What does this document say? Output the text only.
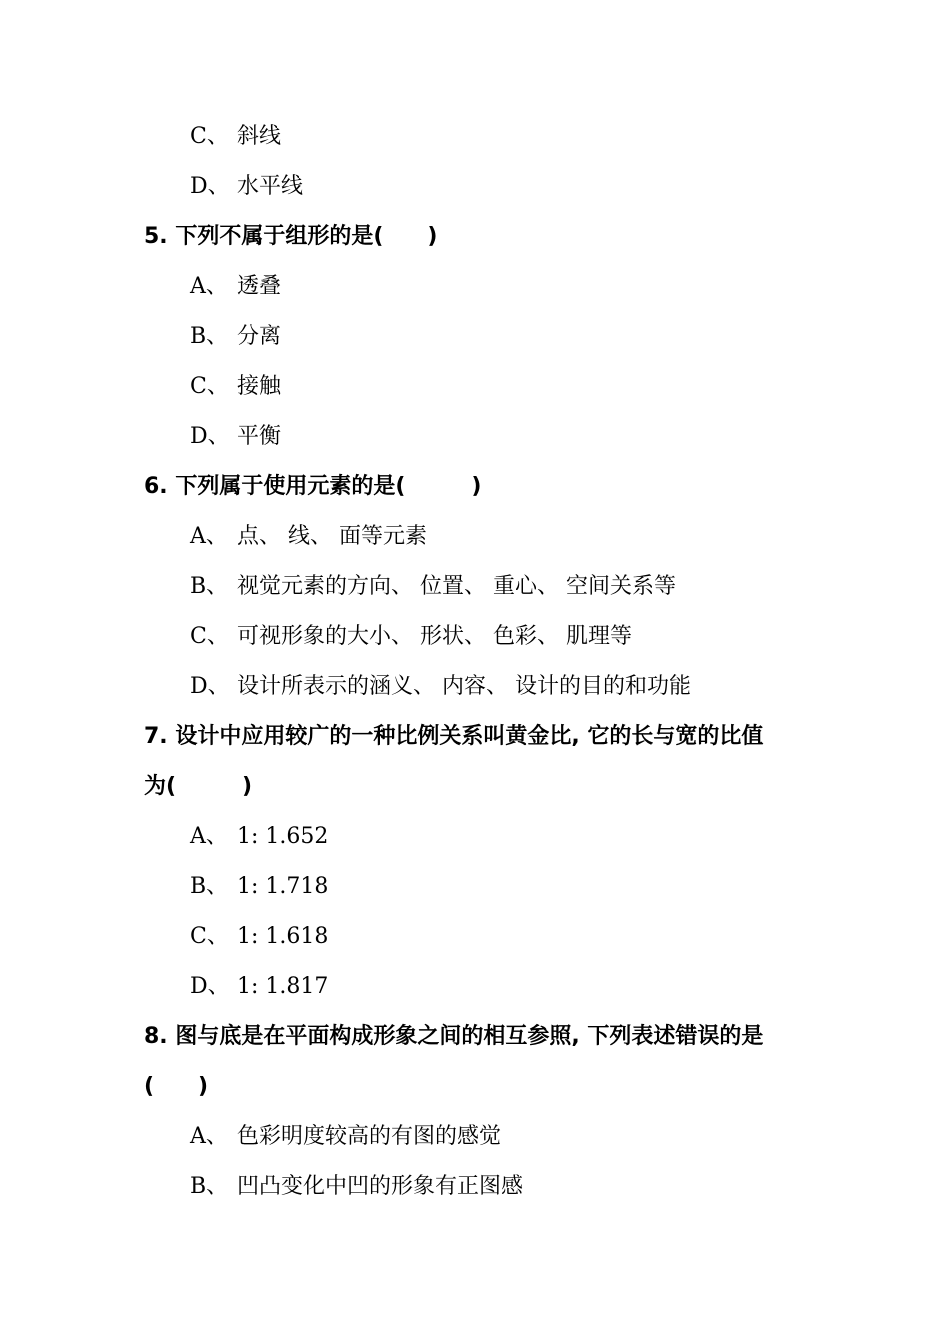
C、 斜线
D、 水平线
5. 下列不属于组形的是(　　)
A、 透叠
B、 分离
C、 接触
D、 平衡
6. 下列属于使用元素的是(　　　)
A、 点、 线、 面等元素
B、 视觉元素的方向、 位置、 重心、 空间关系等
C、 可视形象的大小、 形状、 色彩、 肌理等
D、 设计所表示的涵义、 内容、 设计的目的和功能
7. 设计中应用较广的一种比例关系叫黄金比, 它的长与宽的比值
为(　　　)
A、 1: 1.652
B、 1: 1.718
C、 1: 1.618
D、 1: 1.817
8. 图与底是在平面构成形象之间的相互参照, 下列表述错误的是
(　　)
A、 色彩明度较高的有图的感觉
B、 凹凸变化中凹的形象有正图感
